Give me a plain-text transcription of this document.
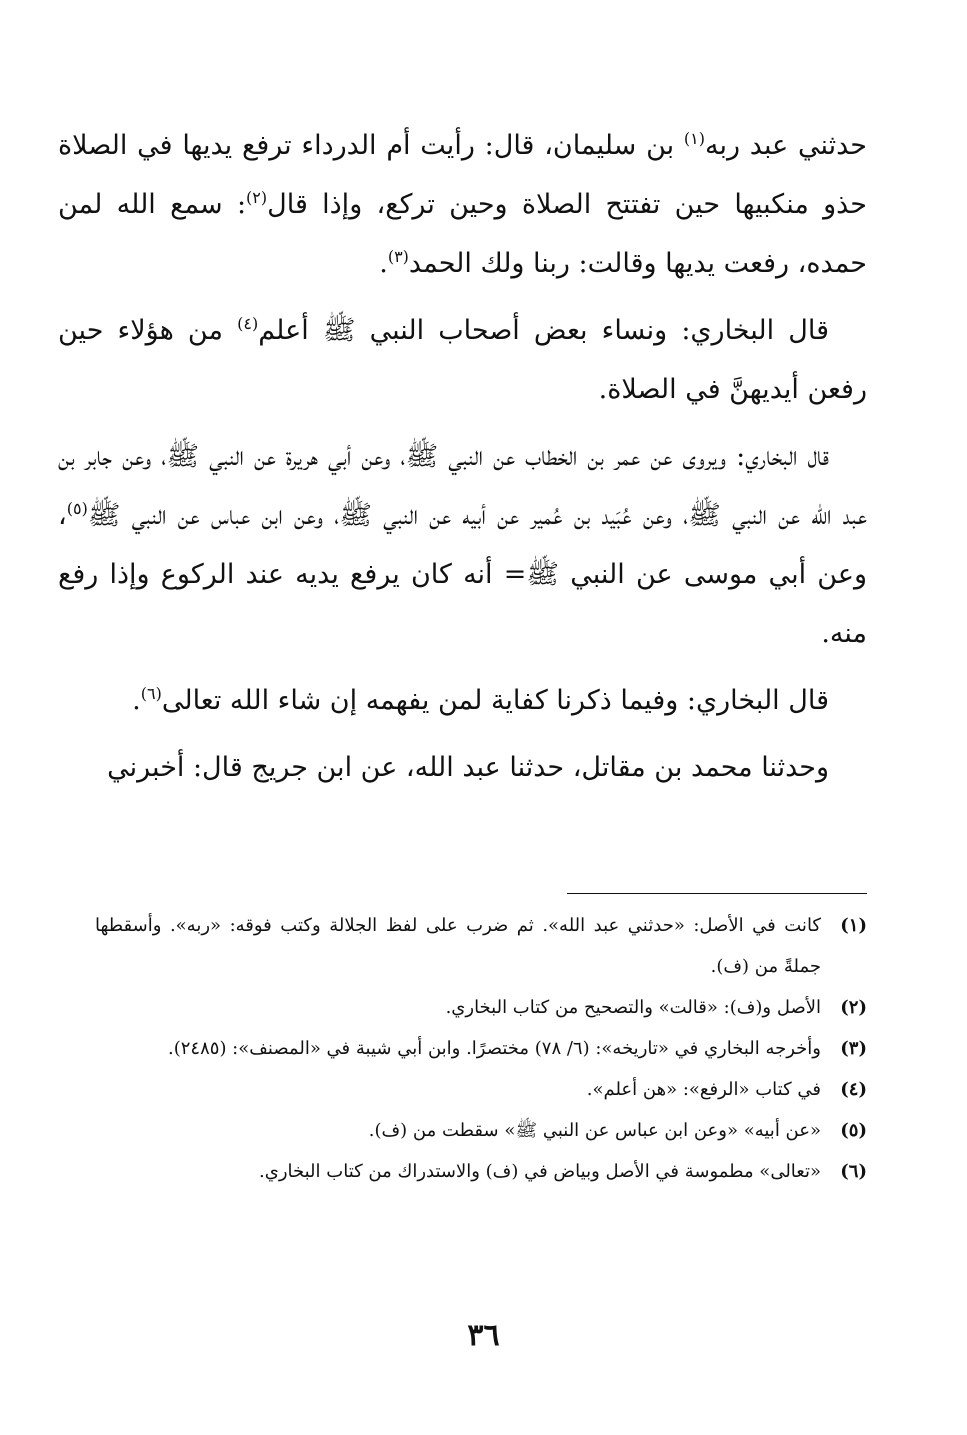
حدثني عبد ربه$^{(١)}$ بن سليمان، قال: رأيت أم الدرداء ترفع يديها في الصلاة حذو منكبيها حين تفتتح الصلاة وحين تركع، وإذا قال$^{(٢)}$: سمع الله لمن حمده، رفعت يديها وقالت: ربنا ولك الحمد$^{(٣)}$.

قال البخاري: ونساء بعض أصحاب النبي ﷺ أعلم$^{(٤)}$ من هؤلاء حين رفعن أيديهنَّ في الصلاة.

قال البخاري: ويروى عن عمر بن الخطاب عن النبي ﷺ، وعن أبي هريرة عن النبي ﷺ، وعن جابر بن عبد الله عن النبي ﷺ، وعن عُبَيد بن عُمير عن أبيه عن النبي ﷺ، وعن ابن عباس عن النبي ﷺ$^{(٥)}$، وعن أبي موسى عن النبي ﷺ= أنه كان يرفع يديه عند الركوع وإذا رفع منه.

قال البخاري: وفيما ذكرنا كفاية لمن يفهمه إن شاء الله تعالى$^{(٦)}$.

وحدثنا محمد بن مقاتل، حدثنا عبد الله، عن ابن جريج قال: أخبرني

(١)
كانت في الأصل: «حدثني عبد الله». ثم ضرب على لفظ الجلالة وكتب فوقه: «ربه». وأسقطها جملةً من (ف).
(٢)
الأصل و(ف): «قالت» والتصحيح من كتاب البخاري.
(٣)
وأخرجه البخاري في «تاريخه»: (٦/ ٧٨) مختصرًا. وابن أبي شيبة في «المصنف»: (٢٤٨٥).
(٤)
في كتاب «الرفع»: «هن أعلم».
(٥)
«عن أبيه» «وعن ابن عباس عن النبي ﷺ» سقطت من (ف).
(٦)
«تعالى» مطموسة في الأصل وبياض في (ف) والاستدراك من كتاب البخاري.
٣٦
